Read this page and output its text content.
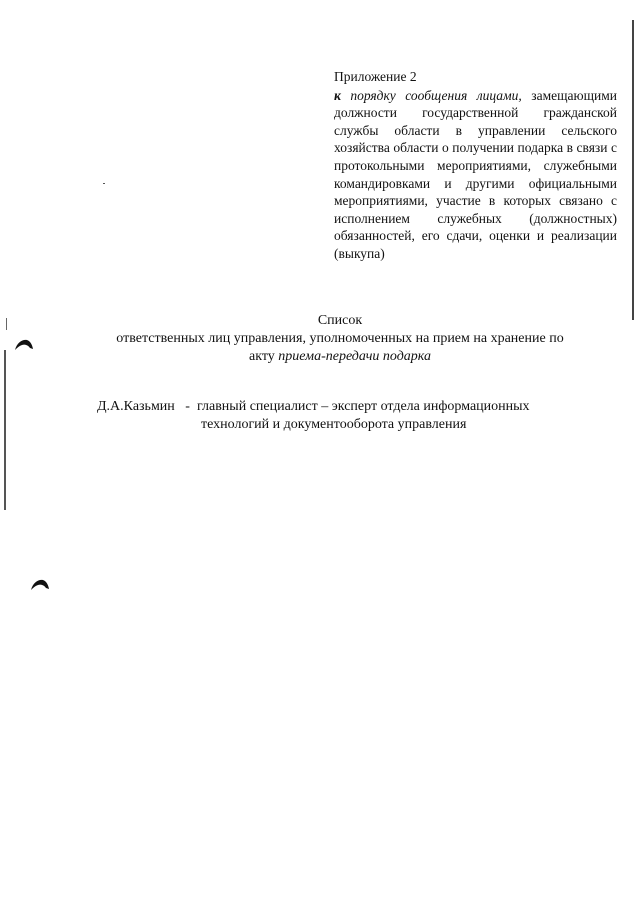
Приложение 2

к порядку сообщения лицами, замещающими должности государственной гражданской службы области в управлении сельского хозяйства области о получении подарка в связи с протокольными мероприятиями, служебными командировками и другими официальными мероприятиями, участие в которых связано с исполнением служебных (должностных) обязанностей, его сдачи, оценки и реализации (выкупа)

Список

ответственных лиц управления, уполномоченных на прием на хранение по

акту приема-передачи подарка

Д.А.Казьмин - главный специалист – эксперт отдела информационных

технологий и документооборота управления
